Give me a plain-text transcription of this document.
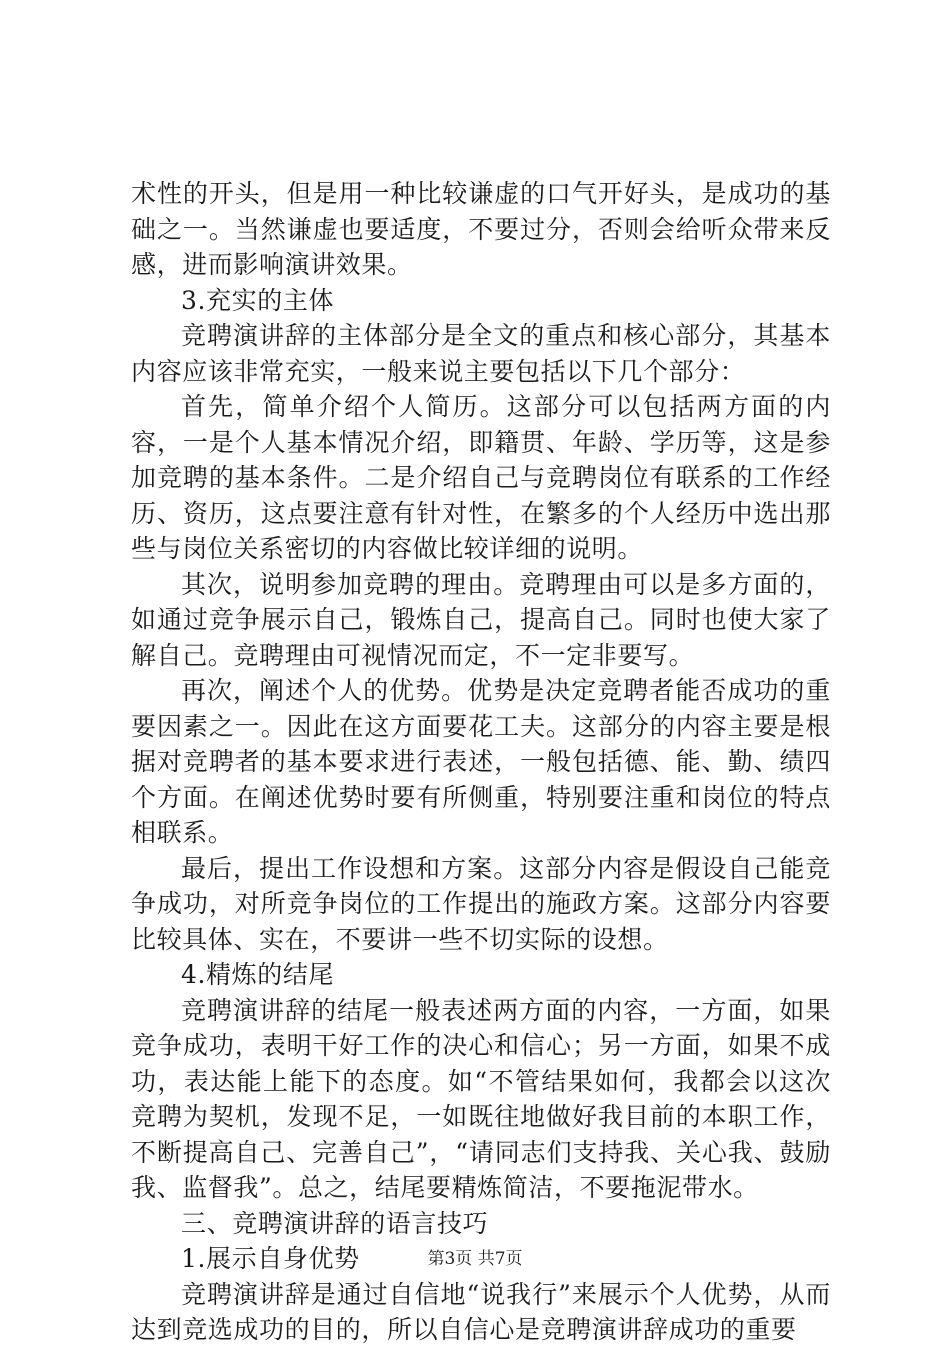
术性的开头，但是用一种比较谦虚的口气开好头，是成功的基础之一。当然谦虚也要适度，不要过分，否则会给听众带来反感，进而影响演讲效果。

3.充实的主体

竞聘演讲辞的主体部分是全文的重点和核心部分，其基本内容应该非常充实，一般来说主要包括以下几个部分：

首先，简单介绍个人简历。这部分可以包括两方面的内容，一是个人基本情况介绍，即籍贯、年龄、学历等，这是参加竞聘的基本条件。二是介绍自己与竞聘岗位有联系的工作经历、资历，这点要注意有针对性，在繁多的个人经历中选出那些与岗位关系密切的内容做比较详细的说明。

其次，说明参加竞聘的理由。竞聘理由可以是多方面的，如通过竞争展示自己，锻炼自己，提高自己。同时也使大家了解自己。竞聘理由可视情况而定，不一定非要写。

再次，阐述个人的优势。优势是决定竞聘者能否成功的重要因素之一。因此在这方面要花工夫。这部分的内容主要是根据对竞聘者的基本要求进行表述，一般包括德、能、勤、绩四个方面。在阐述优势时要有所侧重，特别要注重和岗位的特点相联系。

最后，提出工作设想和方案。这部分内容是假设自己能竞争成功，对所竞争岗位的工作提出的施政方案。这部分内容要比较具体、实在，不要讲一些不切实际的设想。

4.精炼的结尾

竞聘演讲辞的结尾一般表述两方面的内容，一方面，如果竞争成功，表明干好工作的决心和信心；另一方面，如果不成功，表达能上能下的态度。如“不管结果如何，我都会以这次竞聘为契机，发现不足，一如既往地做好我目前的本职工作，不断提高自己、完善自己”，“请同志们支持我、关心我、鼓励我、监督我”。总之，结尾要精炼简洁，不要拖泥带水。

三、竞聘演讲辞的语言技巧

1.展示自身优势

竞聘演讲辞是通过自信地“说我行”来展示个人优势，从而达到竞选成功的目的，所以自信心是竞聘演讲辞成功的重要

第3页 共7页
